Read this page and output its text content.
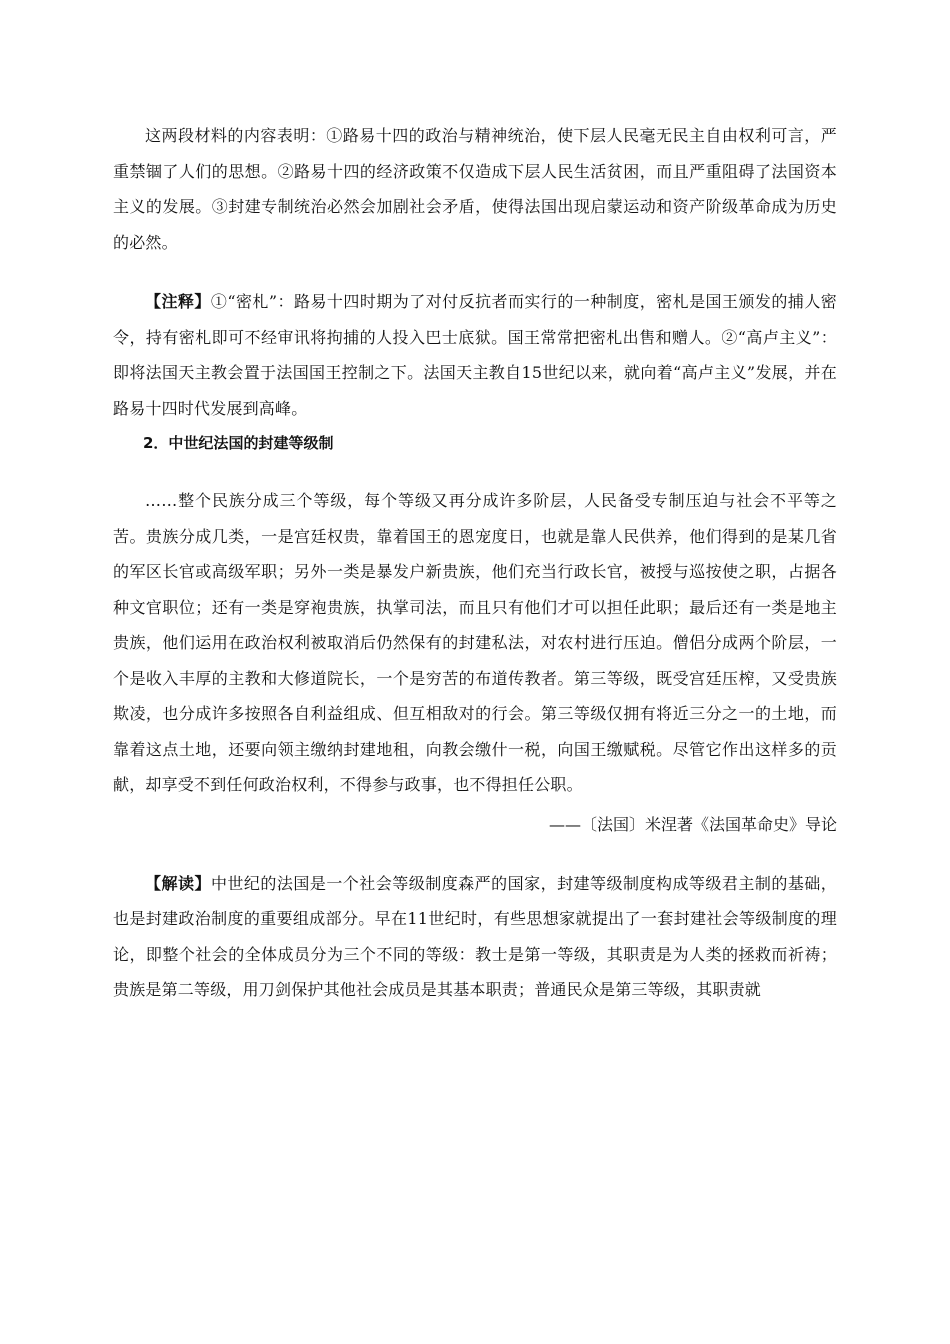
这两段材料的内容表明：①路易十四的政治与精神统治，使下层人民毫无民主自由权利可言，严重禁锢了人们的思想。②路易十四的经济政策不仅造成下层人民生活贫困，而且严重阻碍了法国资本主义的发展。③封建专制统治必然会加剧社会矛盾，使得法国出现启蒙运动和资产阶级革命成为历史的必然。

【注释】①“密札”：路易十四时期为了对付反抗者而实行的一种制度，密札是国王颁发的捕人密令，持有密札即可不经审讯将拘捕的人投入巴士底狱。国王常常把密札出售和赠人。②“高卢主义”：即将法国天主教会置于法国国王控制之下。法国天主教自15世纪以来，就向着“高卢主义”发展，并在路易十四时代发展到高峰。

2．中世纪法国的封建等级制

……整个民族分成三个等级，每个等级又再分成许多阶层，人民备受专制压迫与社会不平等之苦。贵族分成几类，一是宫廷权贵，靠着国王的恩宠度日，也就是靠人民供养，他们得到的是某几省的军区长官或高级军职；另外一类是暴发户新贵族，他们充当行政长官，被授与巡按使之职，占据各种文官职位；还有一类是穿袍贵族，执掌司法，而且只有他们才可以担任此职；最后还有一类是地主贵族，他们运用在政治权利被取消后仍然保有的封建私法，对农村进行压迫。僧侣分成两个阶层，一个是收入丰厚的主教和大修道院长，一个是穷苦的布道传教者。第三等级，既受宫廷压榨，又受贵族欺凌，也分成许多按照各自利益组成、但互相敌对的行会。第三等级仅拥有将近三分之一的土地，而靠着这点土地，还要向领主缴纳封建地租，向教会缴什一税，向国王缴赋税。尽管它作出这样多的贡献，却享受不到任何政治权利，不得参与政事，也不得担任公职。

——〔法国〕米涅著《法国革命史》导论

【解读】中世纪的法国是一个社会等级制度森严的国家，封建等级制度构成等级君主制的基础，也是封建政治制度的重要组成部分。早在11世纪时，有些思想家就提出了一套封建社会等级制度的理论，即整个社会的全体成员分为三个不同的等级：教士是第一等级，其职责是为人类的拯救而祈祷；贵族是第二等级，用刀剑保护其他社会成员是其基本职责；普通民众是第三等级，其职责就
